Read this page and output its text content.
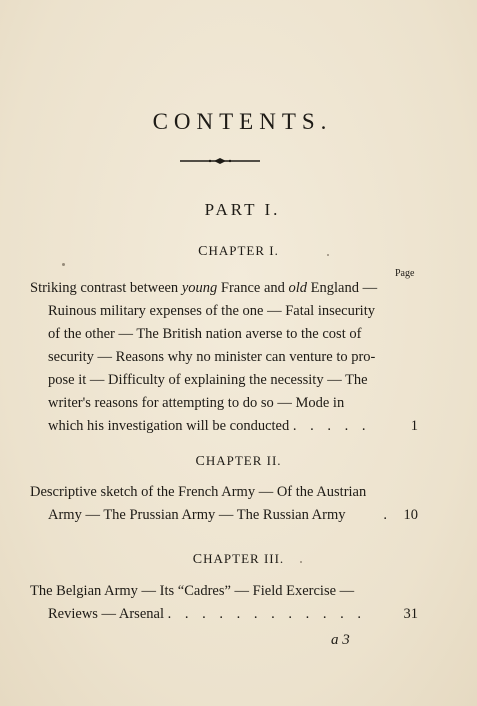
CONTENTS.
PART I.
CHAPTER I.
Page
Striking contrast between young France and old England —
Ruinous military expenses of the one — Fatal insecurity
of the other — The British nation averse to the cost of
security — Reasons why no minister can venture to pro-
pose it — Difficulty of explaining the necessity — The
writer's reasons for attempting to do so — Mode in
which his investigation will be conducted . . . . .	1
CHAPTER II.
Descriptive sketch of the French Army — Of the Austrian
Army — The Prussian Army — The Russian Army	. 10
CHAPTER III.
The Belgian Army — Its “Cadres” — Field Exercise —
Reviews — Arsenal . . . . . . . . . . . .	31
a 3
